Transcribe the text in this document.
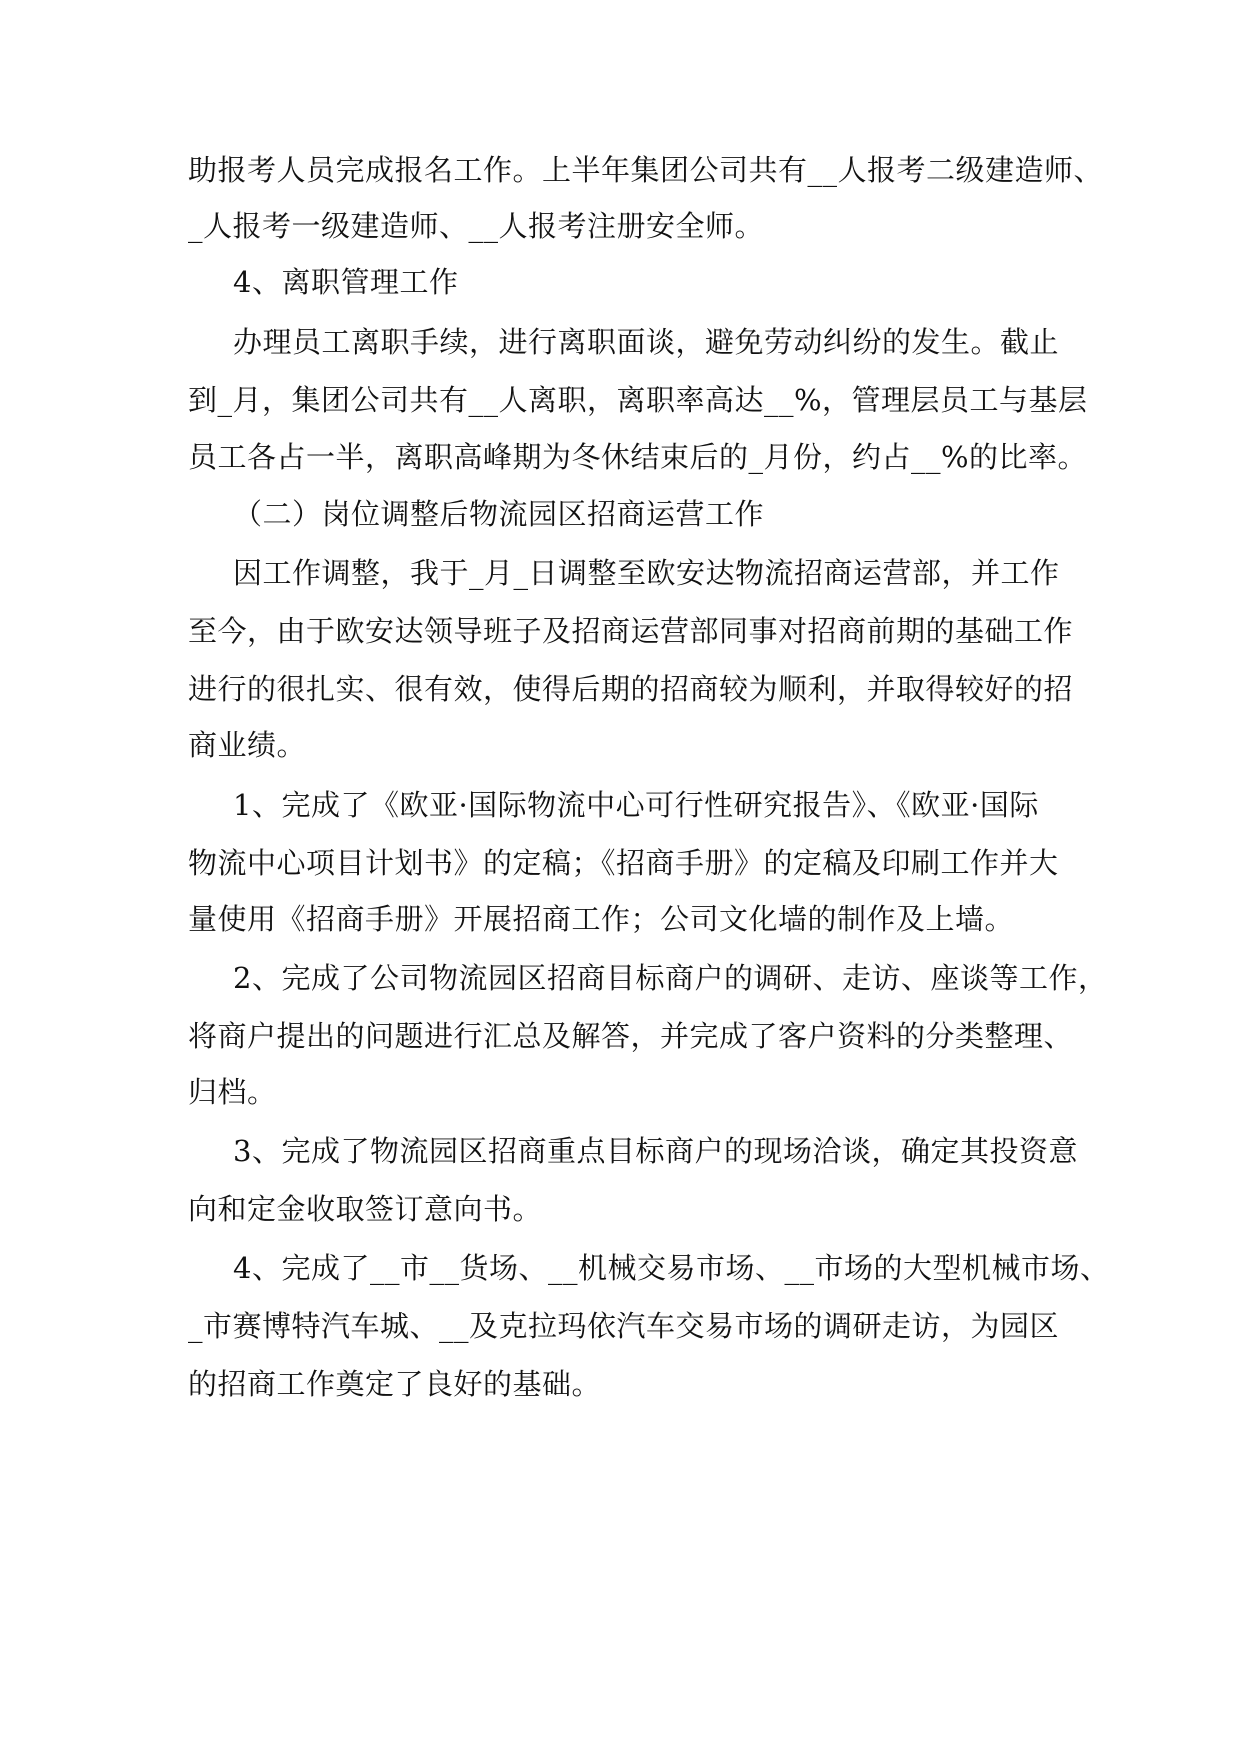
助报考人员完成报名工作。上半年集团公司共有__人报考二级建造师、
_人报考一级建造师、__人报考注册安全师。
4、离职管理工作
办理员工离职手续，进行离职面谈，避免劳动纠纷的发生。截止
到_月，集团公司共有__人离职，离职率高达__%，管理层员工与基层
员工各占一半，离职高峰期为冬休结束后的_月份，约占__%的比率。
（二）岗位调整后物流园区招商运营工作
因工作调整，我于_月_日调整至欧安达物流招商运营部，并工作
至今，由于欧安达领导班子及招商运营部同事对招商前期的基础工作
进行的很扎实、很有效，使得后期的招商较为顺利，并取得较好的招
商业绩。
1、完成了《欧亚·国际物流中心可行性研究报告》、《欧亚·国际
物流中心项目计划书》的定稿；《招商手册》的定稿及印刷工作并大
量使用《招商手册》开展招商工作；公司文化墙的制作及上墙。
2、完成了公司物流园区招商目标商户的调研、走访、座谈等工作，
将商户提出的问题进行汇总及解答，并完成了客户资料的分类整理、
归档。
3、完成了物流园区招商重点目标商户的现场洽谈，确定其投资意
向和定金收取签订意向书。
4、完成了__市__货场、__机械交易市场、__市场的大型机械市场、
_市赛博特汽车城、__及克拉玛依汽车交易市场的调研走访，为园区
的招商工作奠定了良好的基础。
